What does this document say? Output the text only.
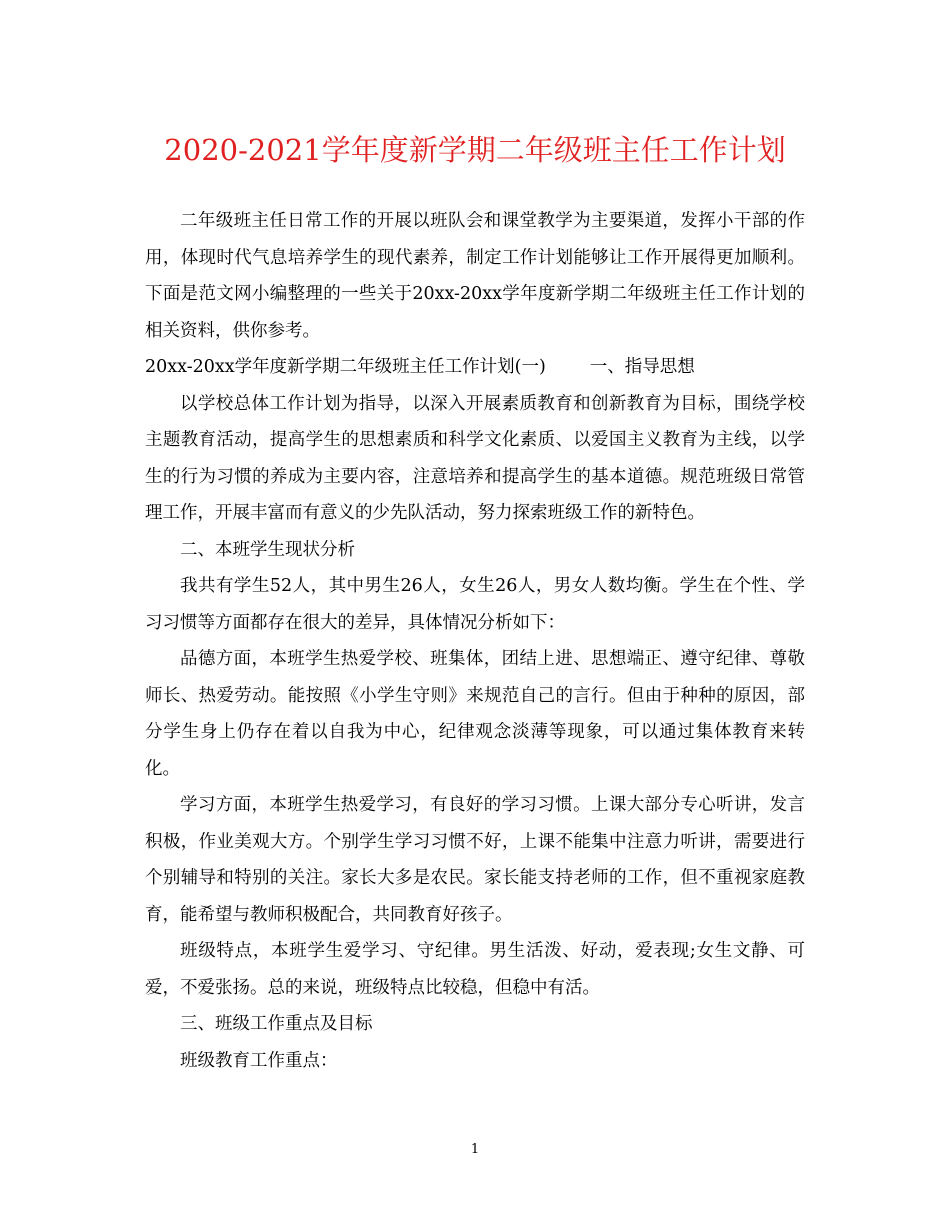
2020-2021学年度新学期二年级班主任工作计划

二年级班主任日常工作的开展以班队会和课堂教学为主要渠道，发挥小干部的作用，体现时代气息培养学生的现代素养，制定工作计划能够让工作开展得更加顺利。下面是范文网小编整理的一些关于20xx-20xx学年度新学期二年级班主任工作计划的相关资料，供你参考。

20xx-20xx学年度新学期二年级班主任工作计划(一)	一、指导思想

以学校总体工作计划为指导，以深入开展素质教育和创新教育为目标，围绕学校主题教育活动，提高学生的思想素质和科学文化素质、以爱国主义教育为主线，以学生的行为习惯的养成为主要内容，注意培养和提高学生的基本道德。规范班级日常管理工作，开展丰富而有意义的少先队活动，努力探索班级工作的新特色。

二、本班学生现状分析

我共有学生52人，其中男生26人，女生26人，男女人数均衡。学生在个性、学习习惯等方面都存在很大的差异，具体情况分析如下：

品德方面，本班学生热爱学校、班集体，团结上进、思想端正、遵守纪律、尊敬师长、热爱劳动。能按照《小学生守则》来规范自己的言行。但由于种种的原因，部分学生身上仍存在着以自我为中心，纪律观念淡薄等现象，可以通过集体教育来转化。

学习方面，本班学生热爱学习，有良好的学习习惯。上课大部分专心听讲，发言积极，作业美观大方。个别学生学习习惯不好，上课不能集中注意力听讲，需要进行个别辅导和特别的关注。家长大多是农民。家长能支持老师的工作，但不重视家庭教育，能希望与教师积极配合，共同教育好孩子。

班级特点，本班学生爱学习、守纪律。男生活泼、好动，爱表现;女生文静、可爱，不爱张扬。总的来说，班级特点比较稳，但稳中有活。

三、班级工作重点及目标

班级教育工作重点：

1
